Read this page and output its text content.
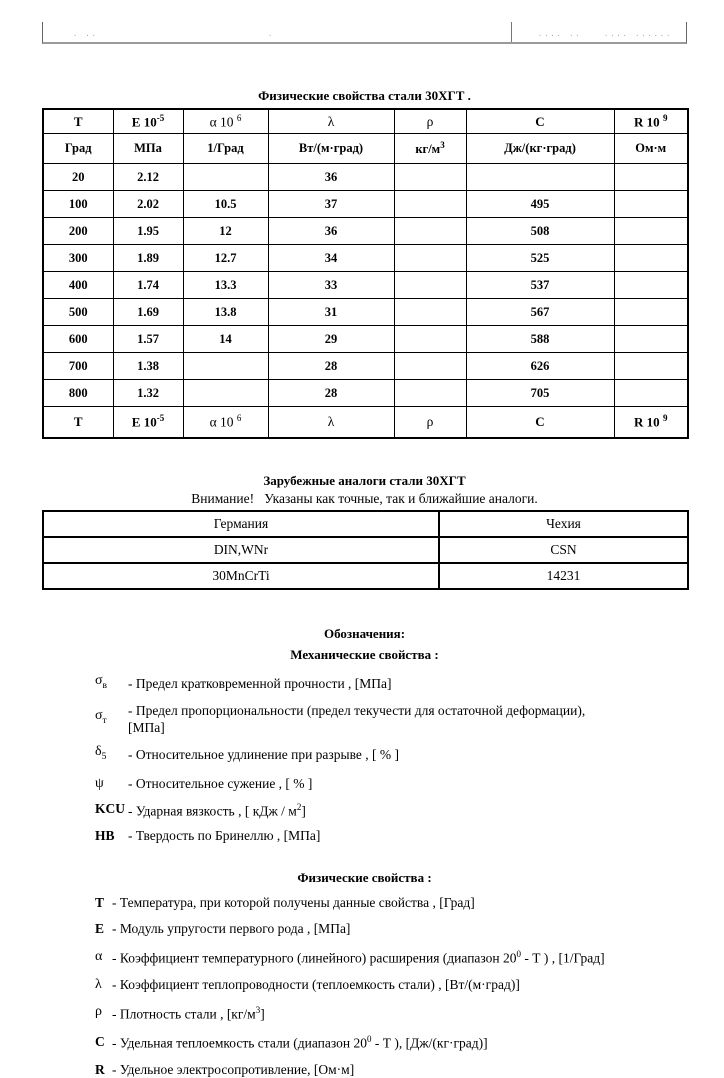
· ··	·	···· ··	···· ······
Физические свойства стали 30ХГТ .
T	E $10^{-5}$	α 10 $^6$	λ	ρ	C	R 10 $^9$
Град	МПа	1/Град	Вт/(м·град)	$кг/м^3$	Дж/(кг·град)	Ом·м
20	2.12		36			
100	2.02	10.5	37		495	
200	1.95	12	36		508	
300	1.89	12.7	34		525	
400	1.74	13.3	33		537	
500	1.69	13.8	31		567	
600	1.57	14	29		588	
700	1.38		28		626	
800	1.32		28		705	
T	E $10^{-5}$	α 10 $^6$	λ	ρ	C	R 10 $^9$
Зарубежные аналоги стали 30ХГТ
Внимание!   Указаны как точные, так и ближайшие аналоги.
Германия	Чехия
DIN,WNr	CSN
30MnCrTi	14231
Обозначения:
Механические свойства :
$\sigma_в$	- Предел кратковременной прочности , [МПа]
$\sigma_т$
- Предел пропорциональности (предел текучести для остаточной деформации),
[МПа]
$\delta_5$	- Относительное удлинение при разрыве , [ % ]
ψ	- Относительное сужение , [ % ]
KCU - Ударная вязкость , [ кДж / $м^2$]
HB - Твердость по Бринеллю , [МПа]
Физические свойства :
T - Температура, при которой получены данные свойства , [Град]
E - Модуль упругости первого рода , [МПа]
α - Коэффициент температурного (линейного) расширения (диапазон $20^0$ - Т ) , [1/Град]
λ - Коэффициент теплопроводности (теплоемкость стали) , [Вт/(м·град)]
ρ - Плотность стали , $[кг/м^3]$
C - Удельная теплоемкость стали (диапазон $20^0$ - Т ), [Дж/(кг·град)]
R - Удельное электросопротивление, [Ом·м]
